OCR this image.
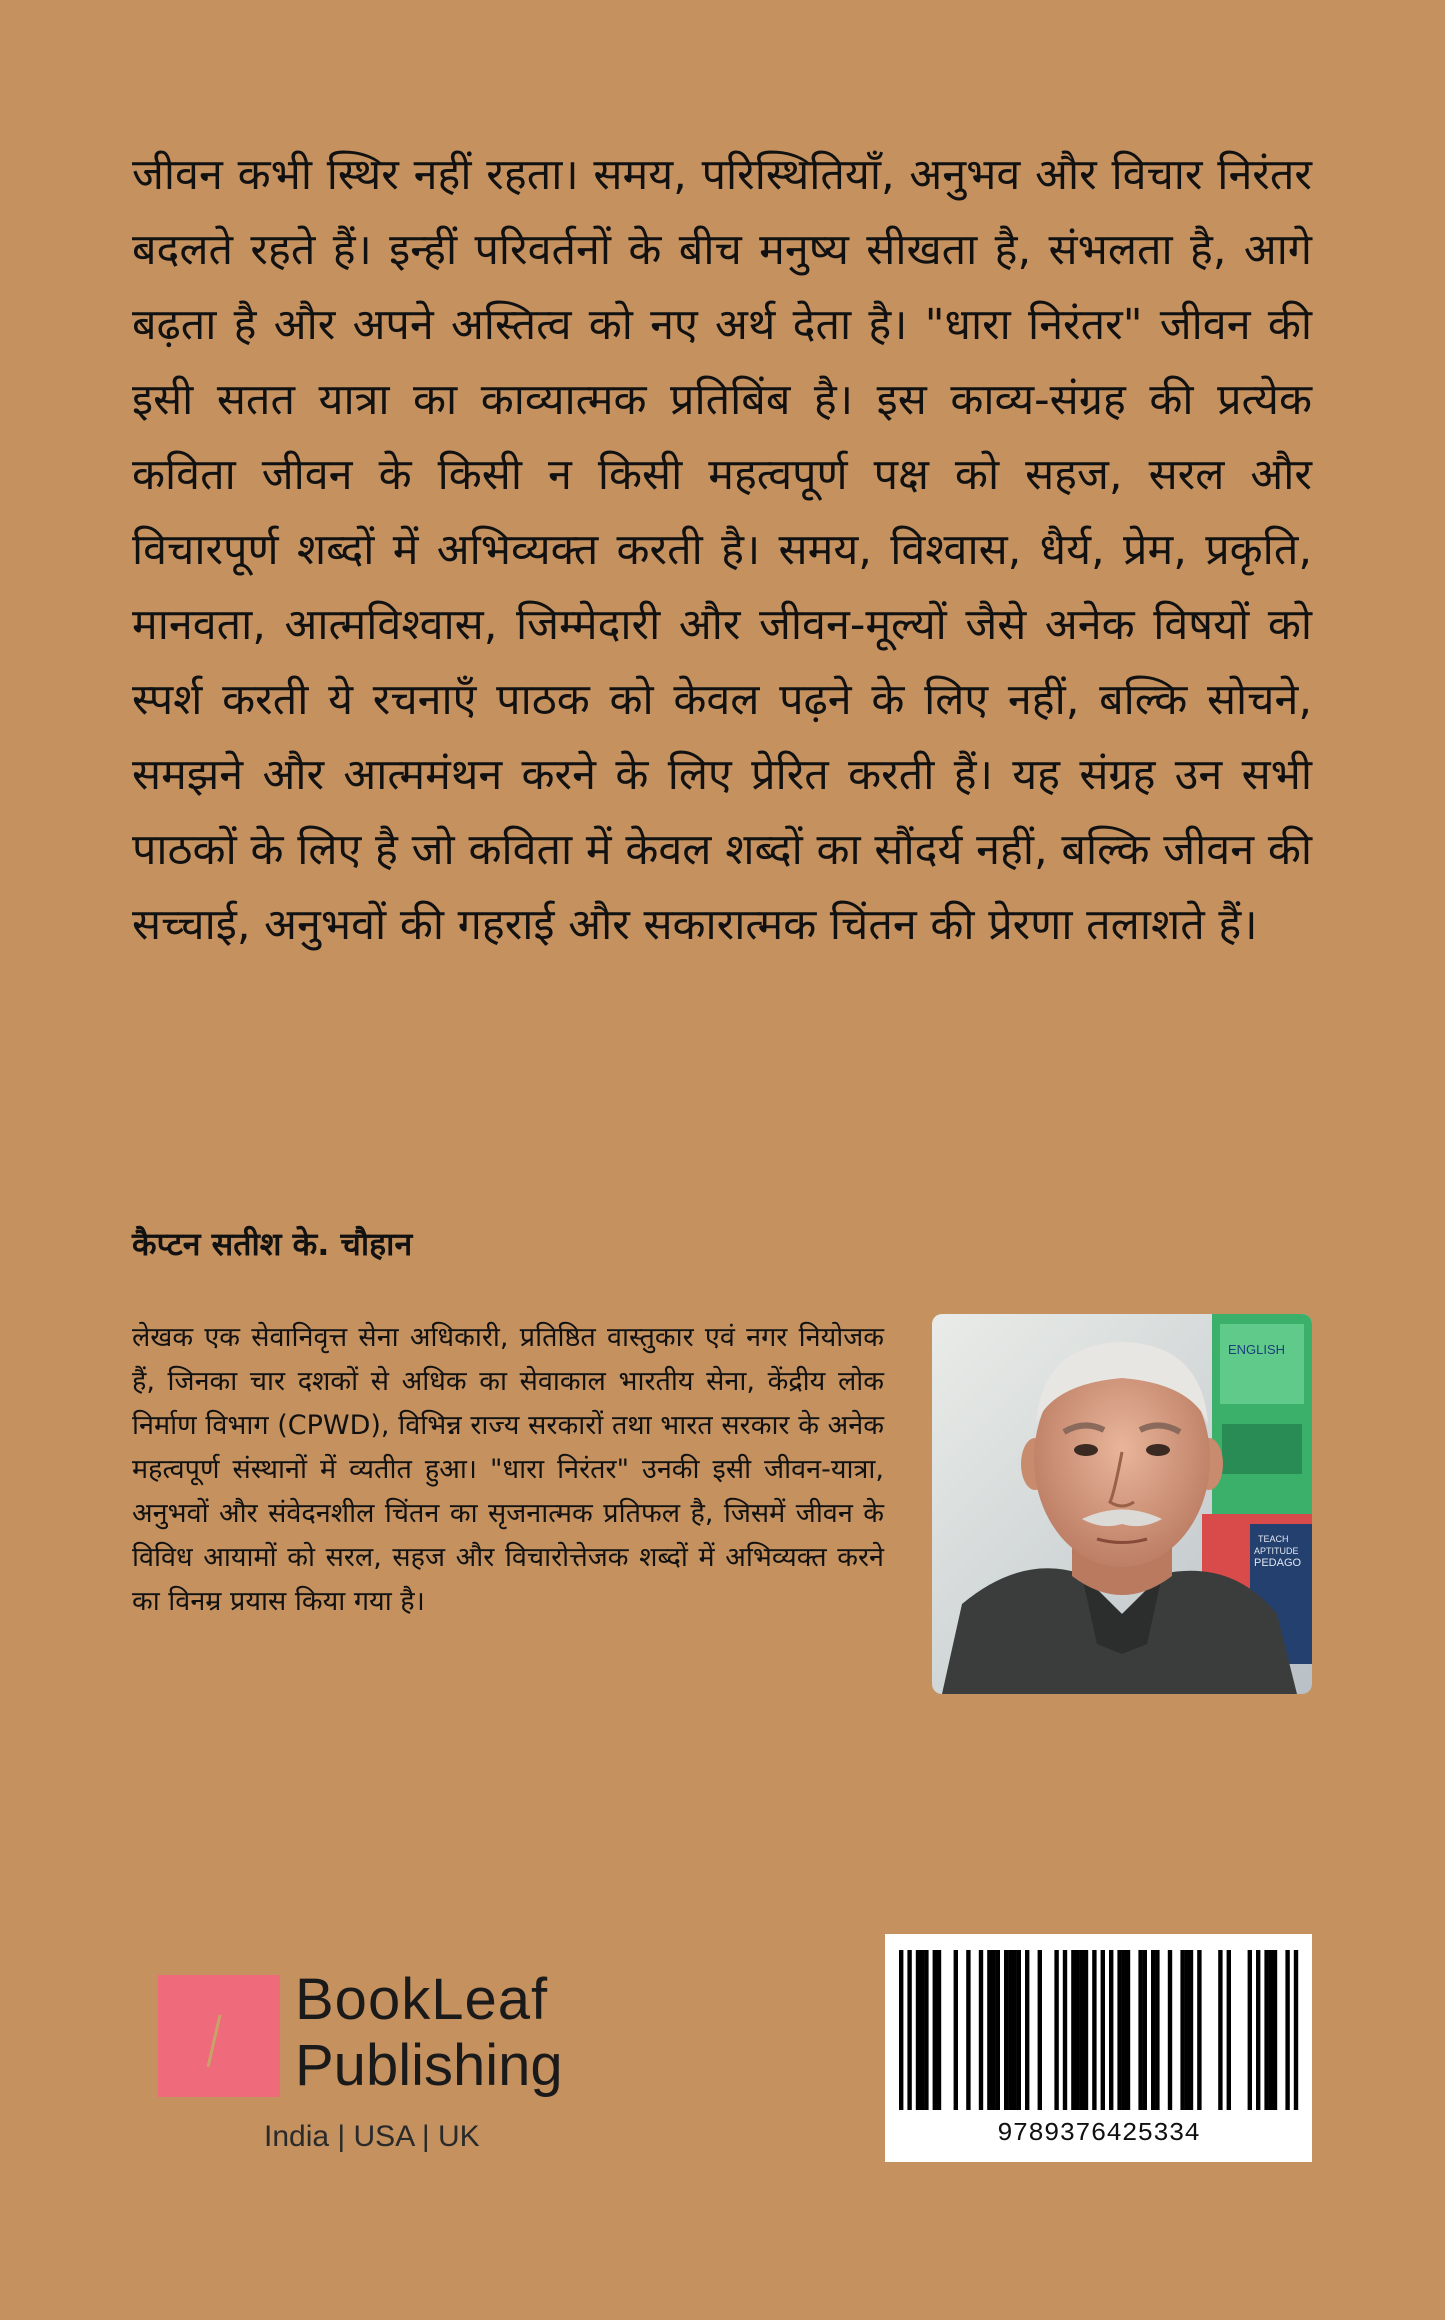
जीवन कभी स्थिर नहीं रहता। समय, परिस्थितियाँ, अनुभव और विचार निरंतर बदलते रहते हैं। इन्हीं परिवर्तनों के बीच मनुष्य सीखता है, संभलता है, आगे बढ़ता है और अपने अस्तित्व को नए अर्थ देता है। "धारा निरंतर" जीवन की इसी सतत यात्रा का काव्यात्मक प्रतिबिंब है। इस काव्य-संग्रह की प्रत्येक कविता जीवन के किसी न किसी महत्वपूर्ण पक्ष को सहज, सरल और विचारपूर्ण शब्दों में अभिव्यक्त करती है। समय, विश्वास, धैर्य, प्रेम, प्रकृति, मानवता, आत्मविश्वास, जिम्मेदारी और जीवन-मूल्यों जैसे अनेक विषयों को स्पर्श करती ये रचनाएँ पाठक को केवल पढ़ने के लिए नहीं, बल्कि सोचने, समझने और आत्ममंथन करने के लिए प्रेरित करती हैं। यह संग्रह उन सभी पाठकों के लिए है जो कविता में केवल शब्दों का सौंदर्य नहीं, बल्कि जीवन की सच्चाई, अनुभवों की गहराई और सकारात्मक चिंतन की प्रेरणा तलाशते हैं।

कैप्टन सतीश के. चौहान

लेखक एक सेवानिवृत्त सेना अधिकारी, प्रतिष्ठित वास्तुकार एवं नगर नियोजक हैं, जिनका चार दशकों से अधिक का सेवाकाल भारतीय सेना, केंद्रीय लोक निर्माण विभाग (CPWD), विभिन्न राज्य सरकारों तथा भारत सरकार के अनेक महत्वपूर्ण संस्थानों में व्यतीत हुआ। "धारा निरंतर" उनकी इसी जीवन-यात्रा, अनुभवों और संवेदनशील चिंतन का सृजनात्मक प्रतिफल है, जिसमें जीवन के विविध आयामों को सरल, सहज और विचारोत्तेजक शब्दों में अभिव्यक्त करने का विनम्र प्रयास किया गया है।

ENGLISH
TEACH
APTITUDE
PEDAGO
BookLeaf
Publishing
India | USA | UK	9789376425334
